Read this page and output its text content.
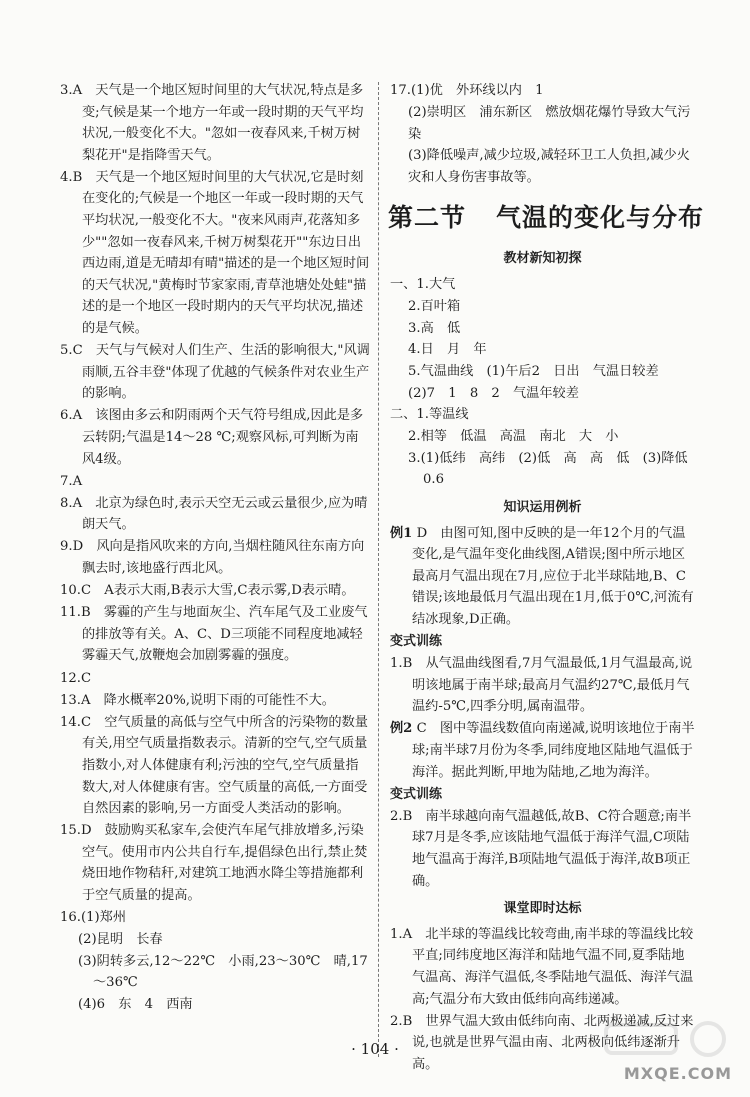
3.A　天气是一个地区短时间里的大气状况,特点是多变;气候是某一个地方一年或一段时期的天气平均状况,一般变化不大。"忽如一夜春风来,千树万树梨花开"是指降雪天气。
4.B　天气是一个地区短时间里的大气状况,它是时刻在变化的;气候是一个地区一年或一段时期的天气平均状况,一般变化不大。"夜来风雨声,花落知多少""忽如一夜春风来,千树万树梨花开""东边日出西边雨,道是无晴却有晴"描述的是一个地区短时间的天气状况,"黄梅时节家家雨,青草池塘处处蛙"描述的是一个地区一段时期内的天气平均状况,描述的是气候。
5.C　天气与气候对人们生产、生活的影响很大,"风调雨顺,五谷丰登"体现了优越的气候条件对农业生产的影响。
6.A　该图由多云和阴雨两个天气符号组成,因此是多云转阴;气温是14～28 ℃;观察风标,可判断为南风4级。
7.A
8.A　北京为绿色时,表示天空无云或云量很少,应为晴朗天气。
9.D　风向是指风吹来的方向,当烟柱随风往东南方向飘去时,该地盛行西北风。
10.C　A表示大雨,B表示大雪,C表示雾,D表示晴。
11.B　雾霾的产生与地面灰尘、汽车尾气及工业废气的排放等有关。A、C、D三项能不同程度地减轻雾霾天气,放鞭炮会加剧雾霾的强度。
12.C
13.A　降水概率20%,说明下雨的可能性不大。
14.C　空气质量的高低与空气中所含的污染物的数量有关,用空气质量指数表示。清新的空气,空气质量指数小,对人体健康有利;污浊的空气,空气质量指数大,对人体健康有害。空气质量的高低,一方面受自然因素的影响,另一方面受人类活动的影响。
15.D　鼓励购买私家车,会使汽车尾气排放增多,污染空气。使用市内公共自行车,提倡绿色出行,禁止焚烧田地作物秸秆,对建筑工地洒水降尘等措施都利于空气质量的提高。
16.(1)郑州
(2)昆明　长春
(3)阴转多云,12～22℃　小雨,23～30℃　晴,17～36℃
(4)6　东　4　西南
17.(1)优　外环线以内　1
(2)崇明区　浦东新区　燃放烟花爆竹导致大气污染
(3)降低噪声,减少垃圾,减轻环卫工人负担,减少火灾和人身伤害事故等。
第二节 气温的变化与分布
教材新知初探
一、1.大气
2.百叶箱
3.高　低
4.日　月　年
5.气温曲线　(1)午后2　日出　气温日较差
(2)7　1　8　2　气温年较差
二、1.等温线
2.相等　低温　高温　南北　大　小
3.(1)低纬　高纬　(2)低　高　高　低　(3)降低　0.6
知识运用例析
例1 D　由图可知,图中反映的是一年12个月的气温变化,是气温年变化曲线图,A错误;图中所示地区最高月气温出现在7月,应位于北半球陆地,B、C错误;该地最低月气温出现在1月,低于0℃,河流有结冰现象,D正确。
变式训练
1.B　从气温曲线图看,7月气温最低,1月气温最高,说明该地属于南半球;最高月气温约27℃,最低月气温约-5℃,四季分明,属南温带。
例2 C　图中等温线数值向南递减,说明该地位于南半球;南半球7月份为冬季,同纬度地区陆地气温低于海洋。据此判断,甲地为陆地,乙地为海洋。
变式训练
2.B　南半球越向南气温越低,故B、C符合题意;南半球7月是冬季,应该陆地气温低于海洋气温,C项陆地气温高于海洋,B项陆地气温低于海洋,故B项正确。
课堂即时达标
1.A　北半球的等温线比较弯曲,南半球的等温线比较平直;同纬度地区海洋和陆地气温不同,夏季陆地气温高、海洋气温低,冬季陆地气温低、海洋气温高;气温分布大致由低纬向高纬递减。
2.B　世界气温大致由低纬向南、北两极递减,反过来说,也就是世界气温由南、北两极向低纬逐渐升高。
· 104 ·
MXQE.COM
